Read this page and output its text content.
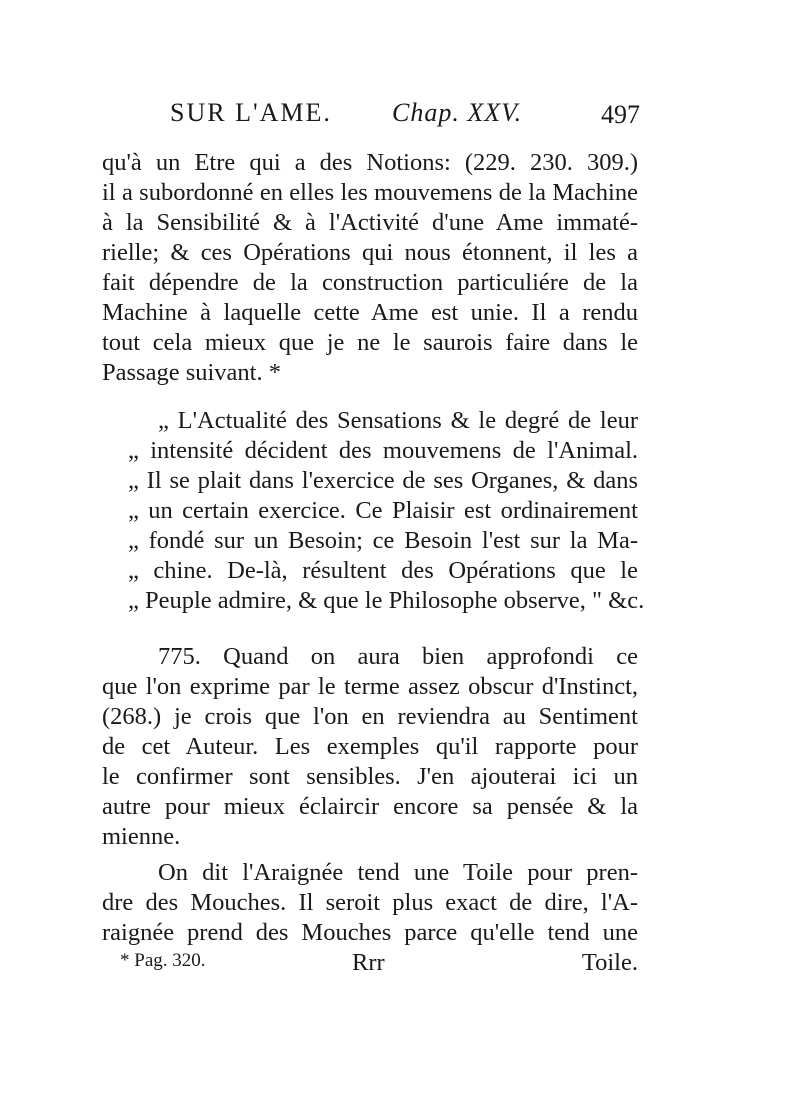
SUR L'AME. Chap. XXV.	497
qu'à un Etre qui a des Notions: (229. 230. 309.)
il a subordonné en elles les mouvemens de la Machine
à la Sensibilité & à l'Activité d'une Ame immaté-
rielle; & ces Opérations qui nous étonnent, il les a
fait dépendre de la construction particuliére de la
Machine à laquelle cette Ame est unie. Il a rendu
tout cela mieux que je ne le saurois faire dans le
Passage suivant. *
„ L'Actualité des Sensations & le degré de leur
„ intensité décident des mouvemens de l'Animal.
„ Il se plait dans l'exercice de ses Organes, & dans
„ un certain exercice. Ce Plaisir est ordinairement
„ fondé sur un Besoin; ce Besoin l'est sur la Ma-
„ chine. De-là, résultent des Opérations que le
„ Peuple admire, & que le Philosophe observe, " &c.
775. Quand on aura bien approfondi ce
que l'on exprime par le terme assez obscur d'Instinct,
(268.) je crois que l'on en reviendra au Sentiment
de cet Auteur. Les exemples qu'il rapporte pour
le confirmer sont sensibles. J'en ajouterai ici un
autre pour mieux éclaircir encore sa pensée & la
mienne.
On dit l'Araignée tend une Toile pour pren-
dre des Mouches. Il seroit plus exact de dire, l'A-
raignée prend des Mouches parce qu'elle tend une
Rrr	Toile.
* Pag. 320.
